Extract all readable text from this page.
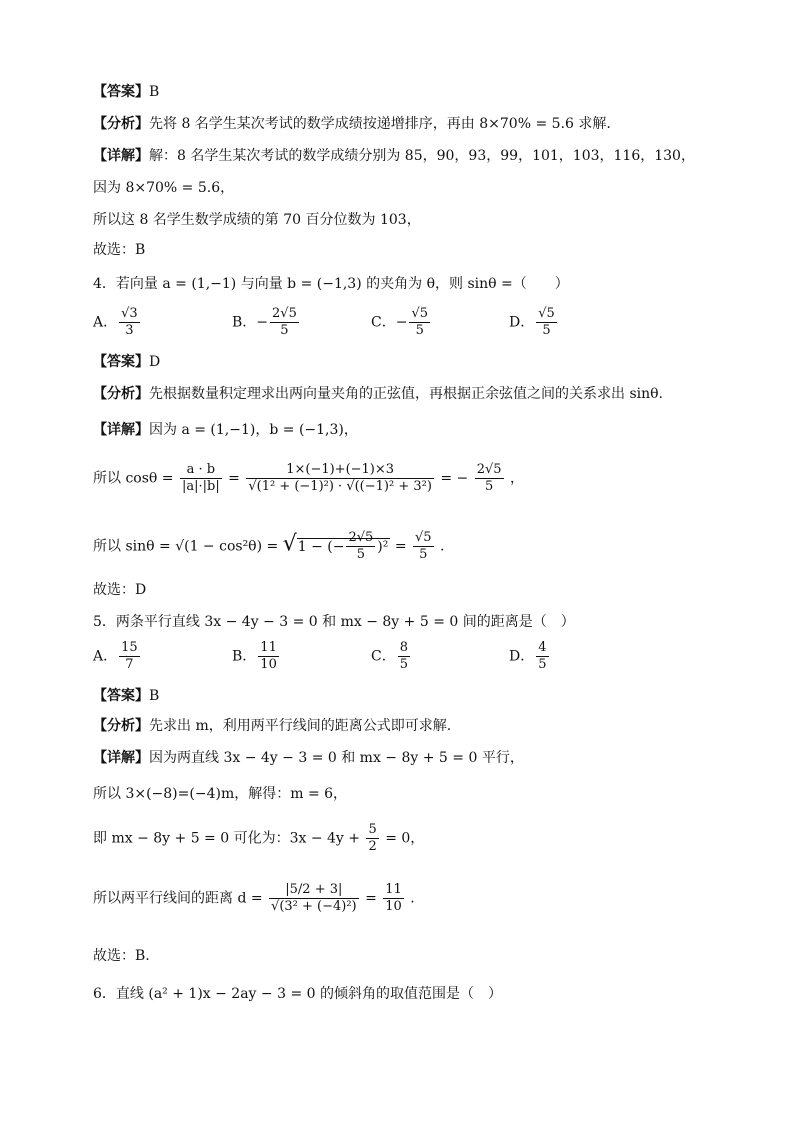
【答案】B
【分析】先将 8 名学生某次考试的数学成绩按递增排序，再由 8×70% = 5.6 求解.
【详解】解：8 名学生某次考试的数学成绩分别为 85，90，93，99，101，103，116，130，
因为 8×70% = 5.6，
所以这 8 名学生数学成绩的第 70 百分位数为 103，
故选：B
4．若向量 a = (1,−1) 与向量 b = (−1,3) 的夹角为 θ，则 sinθ =（　　）
A． $\frac{√3}{3}$	B．− $\frac{2√5}{5}$	C．− $\frac{√5}{5}$	D． $\frac{√5}{5}$
【答案】D
【分析】先根据数量积定理求出两向量夹角的正弦值，再根据正余弦值之间的关系求出 sinθ.
【详解】因为 a = (1,−1)，b = (−1,3)，
所以 $\cos\theta = \frac{a \cdot b}{|a|\cdot|b|} = \frac{1\times(-1)+(-1)\times 3}{\text{√(1² + (−1)²) · √((−1)² + 3²)}}$ = − $\frac{2√5}{5}$ ，
所以 sinθ = √(1 − cos²θ) = √1 − (− $\frac{2√5}{5} )^2 = \frac{√5}{5}$ .
故选：D
5．两条平行直线 3x − 4y − 3 = 0 和 mx − 8y + 5 = 0 间的距离是（　）
A． $\frac{15}{7}$	B． $\frac{11}{10}$	C． $\frac{8}{5}$	D． $\frac{4}{5}$
【答案】B
【分析】先求出 m，利用两平行线间的距离公式即可求解.
【详解】因为两直线 3x − 4y − 3 = 0 和 mx − 8y + 5 = 0 平行，
所以 3×(−8)=(−4)m，解得：m = 6，
即 mx − 8y + 5 = 0 可化为：$3x - 4y + \frac{5}{2} = 0$，
所以两平行线间的距离 $d = \frac{|5/2 + 3|}{\text{√(3² + (−4)²)}} = \frac{11}{10}$ .
故选：B.
6．直线 (a² + 1)x − 2ay − 3 = 0 的倾斜角的取值范围是（　）
